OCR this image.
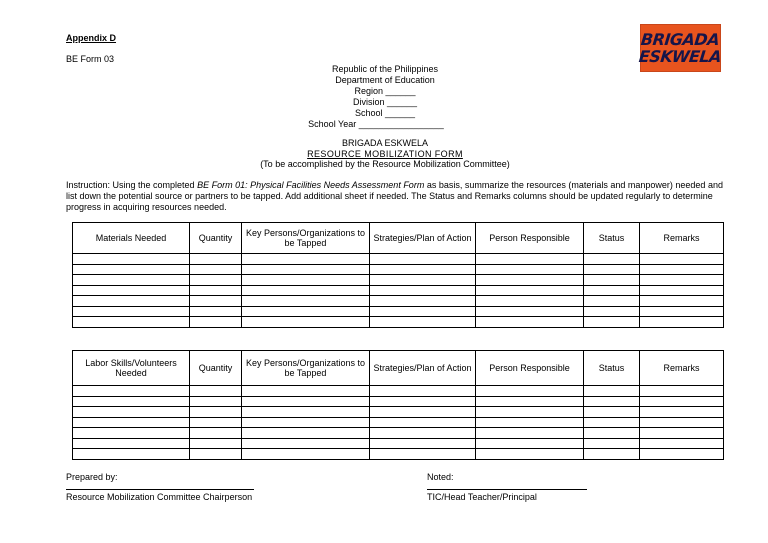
Appendix D
BE Form 03
BRIGADA
ESKWELA
Republic of the Philippines
Department of Education
Region ______
Division ______
School ______
School Year _________________
BRIGADA ESKWELA
RESOURCE MOBILIZATION FORM
(To be accomplished by the Resource Mobilization Committee)
Instruction: Using the completed BE Form 01: Physical Facilities Needs Assessment Form as basis, summarize the resources (materials and manpower) needed and list down the potential source or partners to be tapped. Add additional sheet if needed. The Status and Remarks columns should be updated regularly to determine progress in acquiring resources needed.
Materials Needed	Quantity	Key Persons/Organizations to be Tapped	Strategies/Plan of Action	Person Responsible	Status	Remarks

Labor Skills/Volunteers Needed	Quantity	Key Persons/Organizations to be Tapped	Strategies/Plan of Action	Person Responsible	Status	Remarks

Prepared by:	Noted:
Resource Mobilization Committee Chairperson	TIC/Head Teacher/Principal
